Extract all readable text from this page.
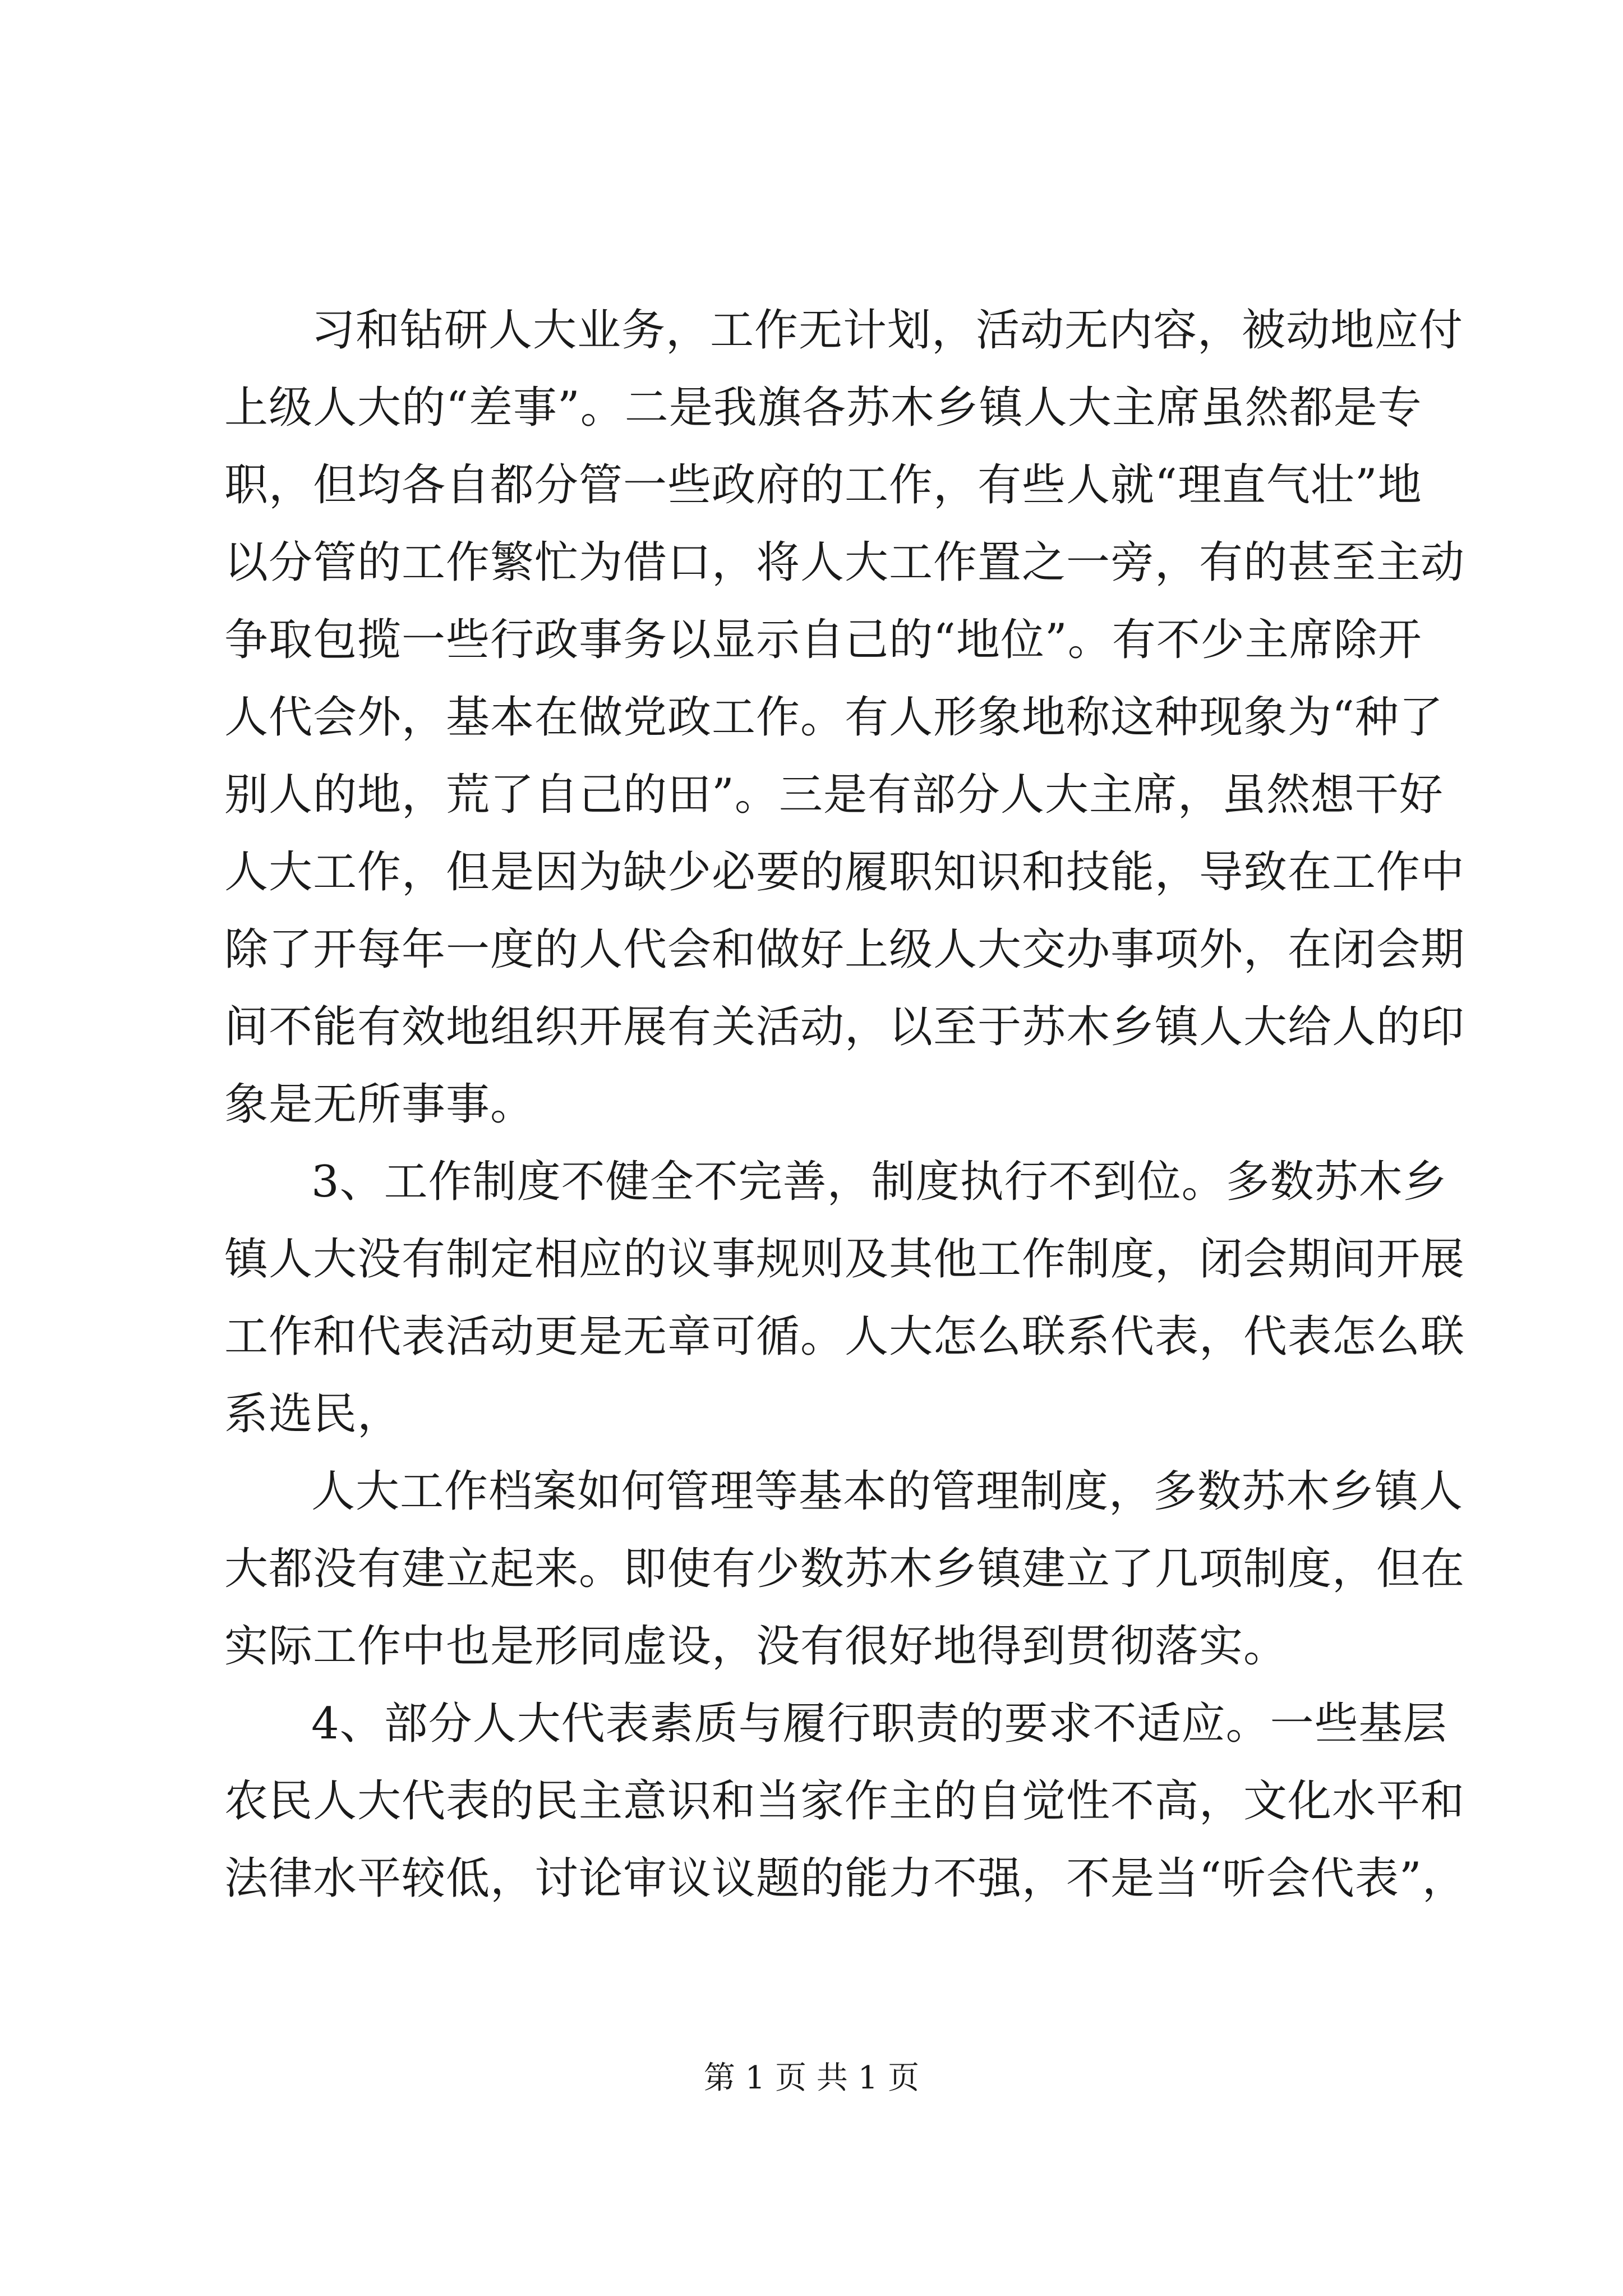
习和钻研人大业务，工作无计划，活动无内容，被动地应付
上级人大的“差事”。二是我旗各苏木乡镇人大主席虽然都是专
职，但均各自都分管一些政府的工作，有些人就“理直气壮”地
以分管的工作繁忙为借口，将人大工作置之一旁，有的甚至主动
争取包揽一些行政事务以显示自己的“地位”。有不少主席除开
人代会外，基本在做党政工作。有人形象地称这种现象为“种了
别人的地，荒了自己的田”。三是有部分人大主席，虽然想干好
人大工作，但是因为缺少必要的履职知识和技能，导致在工作中
除了开每年一度的人代会和做好上级人大交办事项外，在闭会期
间不能有效地组织开展有关活动，以至于苏木乡镇人大给人的印
象是无所事事。
3、工作制度不健全不完善，制度执行不到位。多数苏木乡
镇人大没有制定相应的议事规则及其他工作制度，闭会期间开展
工作和代表活动更是无章可循。人大怎么联系代表，代表怎么联
系选民，
人大工作档案如何管理等基本的管理制度，多数苏木乡镇人
大都没有建立起来。即使有少数苏木乡镇建立了几项制度，但在
实际工作中也是形同虚设，没有很好地得到贯彻落实。
4、部分人大代表素质与履行职责的要求不适应。一些基层
农民人大代表的民主意识和当家作主的自觉性不高，文化水平和
法律水平较低，讨论审议议题的能力不强，不是当“听会代表”，
第 1 页 共 1 页
